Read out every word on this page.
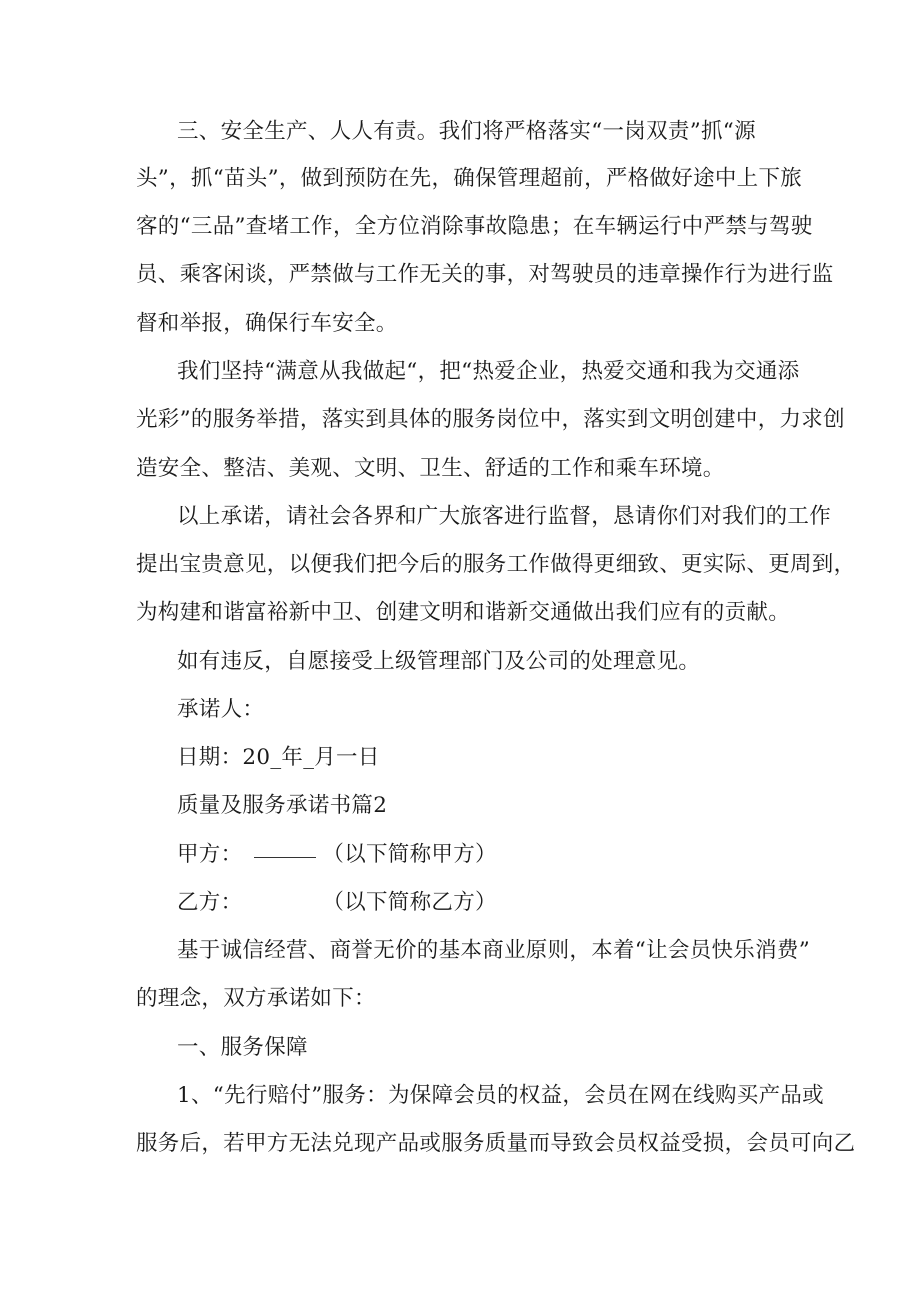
三、安全生产、人人有责。我们将严格落实“一岗双责”抓“源

头”，抓“苗头”，做到预防在先，确保管理超前，严格做好途中上下旅

客的“三品”查堵工作，全方位消除事故隐患；在车辆运行中严禁与驾驶

员、乘客闲谈，严禁做与工作无关的事，对驾驶员的违章操作行为进行监

督和举报，确保行车安全。

我们坚持“满意从我做起“，把“热爱企业，热爱交通和我为交通添

光彩”的服务举措，落实到具体的服务岗位中，落实到文明创建中，力求创

造安全、整洁、美观、文明、卫生、舒适的工作和乘车环境。

以上承诺，请社会各界和广大旅客进行监督，恳请你们对我们的工作

提出宝贵意见，以便我们把今后的服务工作做得更细致、更实际、更周到，

为构建和谐富裕新中卫、创建文明和谐新交通做出我们应有的贡献。

如有违反，自愿接受上级管理部门及公司的处理意见。

承诺人：

日期：20_年_月一日

质量及服务承诺书篇2

甲方：	（以下简称甲方）

乙方：	（以下简称乙方）

基于诚信经营、商誉无价的基本商业原则，本着“让会员快乐消费”

的理念，双方承诺如下：

一、服务保障

1、“先行赔付”服务：为保障会员的权益，会员在网在线购买产品或

服务后，若甲方无法兑现产品或服务质量而导致会员权益受损，会员可向乙
